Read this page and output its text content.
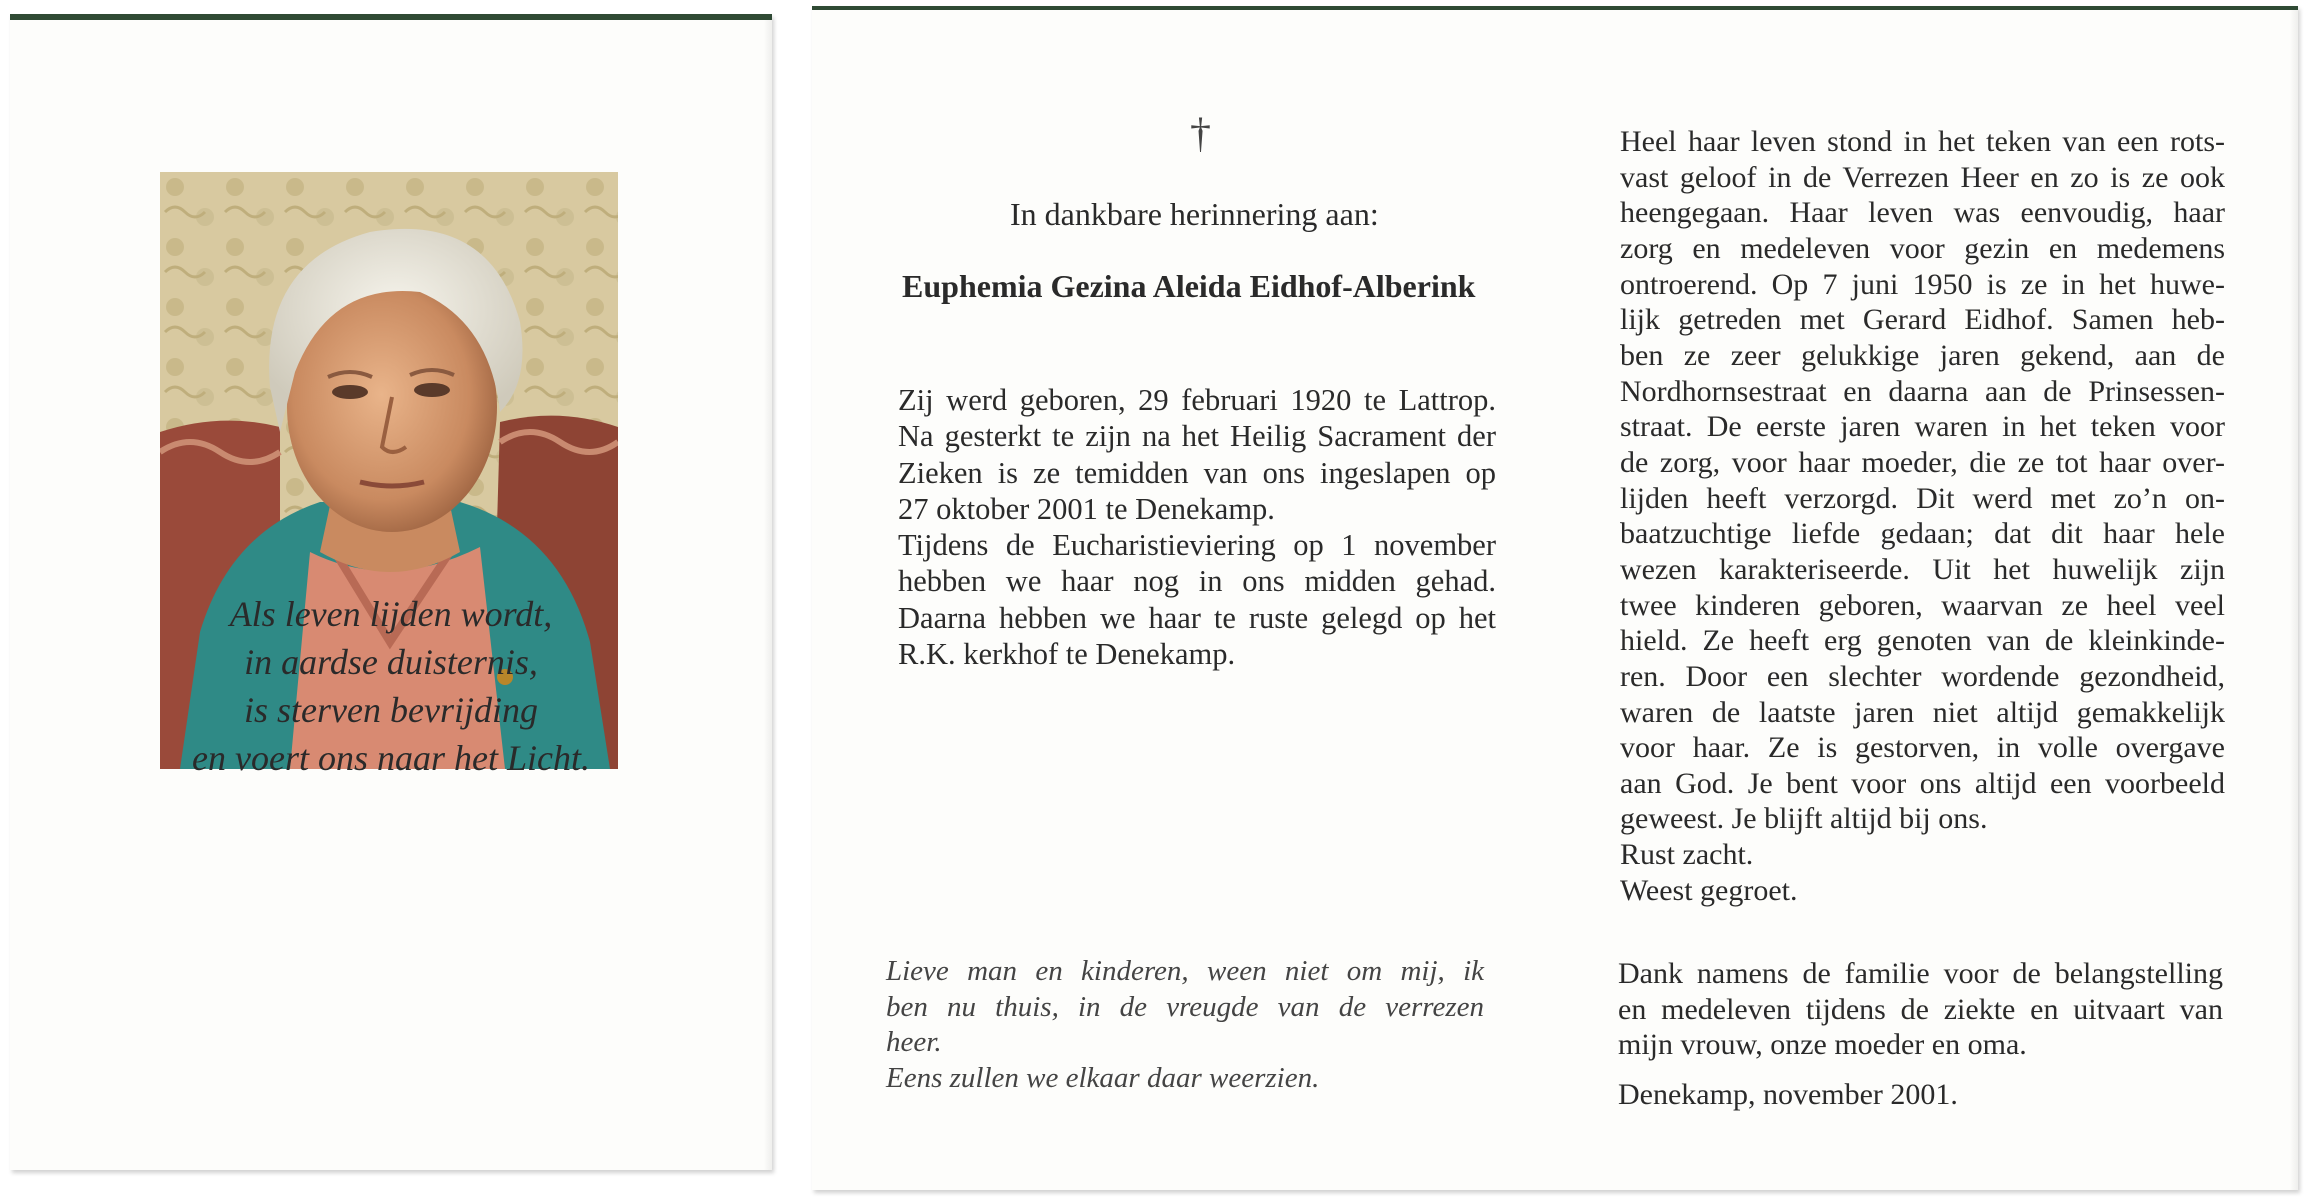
Als leven lijden wordt,
in aardse duisternis,
is sterven bevrijding
en voert ons naar het Licht.
†
In dankbare herinnering aan:
Euphemia Gezina Aleida Eidhof-Alberink
Zij werd geboren, 29 februari 1920 te Lattrop.
Na gesterkt te zijn na het Heilig Sacrament der
Zieken is ze temidden van ons ingeslapen op
27 oktober 2001 te Denekamp.
Tijdens de Eucharistieviering op 1 november
hebben we haar nog in ons midden gehad.
Daarna hebben we haar te ruste gelegd op het
R.K. kerkhof te Denekamp.
Lieve man en kinderen, ween niet om mij, ik
ben nu thuis, in de vreugde van de verrezen
heer.
Eens zullen we elkaar daar weerzien.
Heel haar leven stond in het teken van een rots-
vast geloof in de Verrezen Heer en zo is ze ook
heengegaan. Haar leven was eenvoudig, haar
zorg en medeleven voor gezin en medemens
ontroerend. Op 7 juni 1950 is ze in het huwe-
lijk getreden met Gerard Eidhof. Samen heb-
ben ze zeer gelukkige jaren gekend, aan de
Nordhornsestraat en daarna aan de Prinsessen-
straat. De eerste jaren waren in het teken voor
de zorg, voor haar moeder, die ze tot haar over-
lijden heeft verzorgd. Dit werd met zo’n on-
baatzuchtige liefde gedaan; dat dit haar hele
wezen karakteriseerde. Uit het huwelijk zijn
twee kinderen geboren, waarvan ze heel veel
hield. Ze heeft erg genoten van de kleinkinde-
ren. Door een slechter wordende gezondheid,
waren de laatste jaren niet altijd gemakkelijk
voor haar. Ze is gestorven, in volle overgave
aan God. Je bent voor ons altijd een voorbeeld
geweest. Je blijft altijd bij ons.
Rust zacht.
Weest gegroet.
Dank namens de familie voor de belangstelling
en medeleven tijdens de ziekte en uitvaart van
mijn vrouw, onze moeder en oma.
Denekamp, november 2001.
